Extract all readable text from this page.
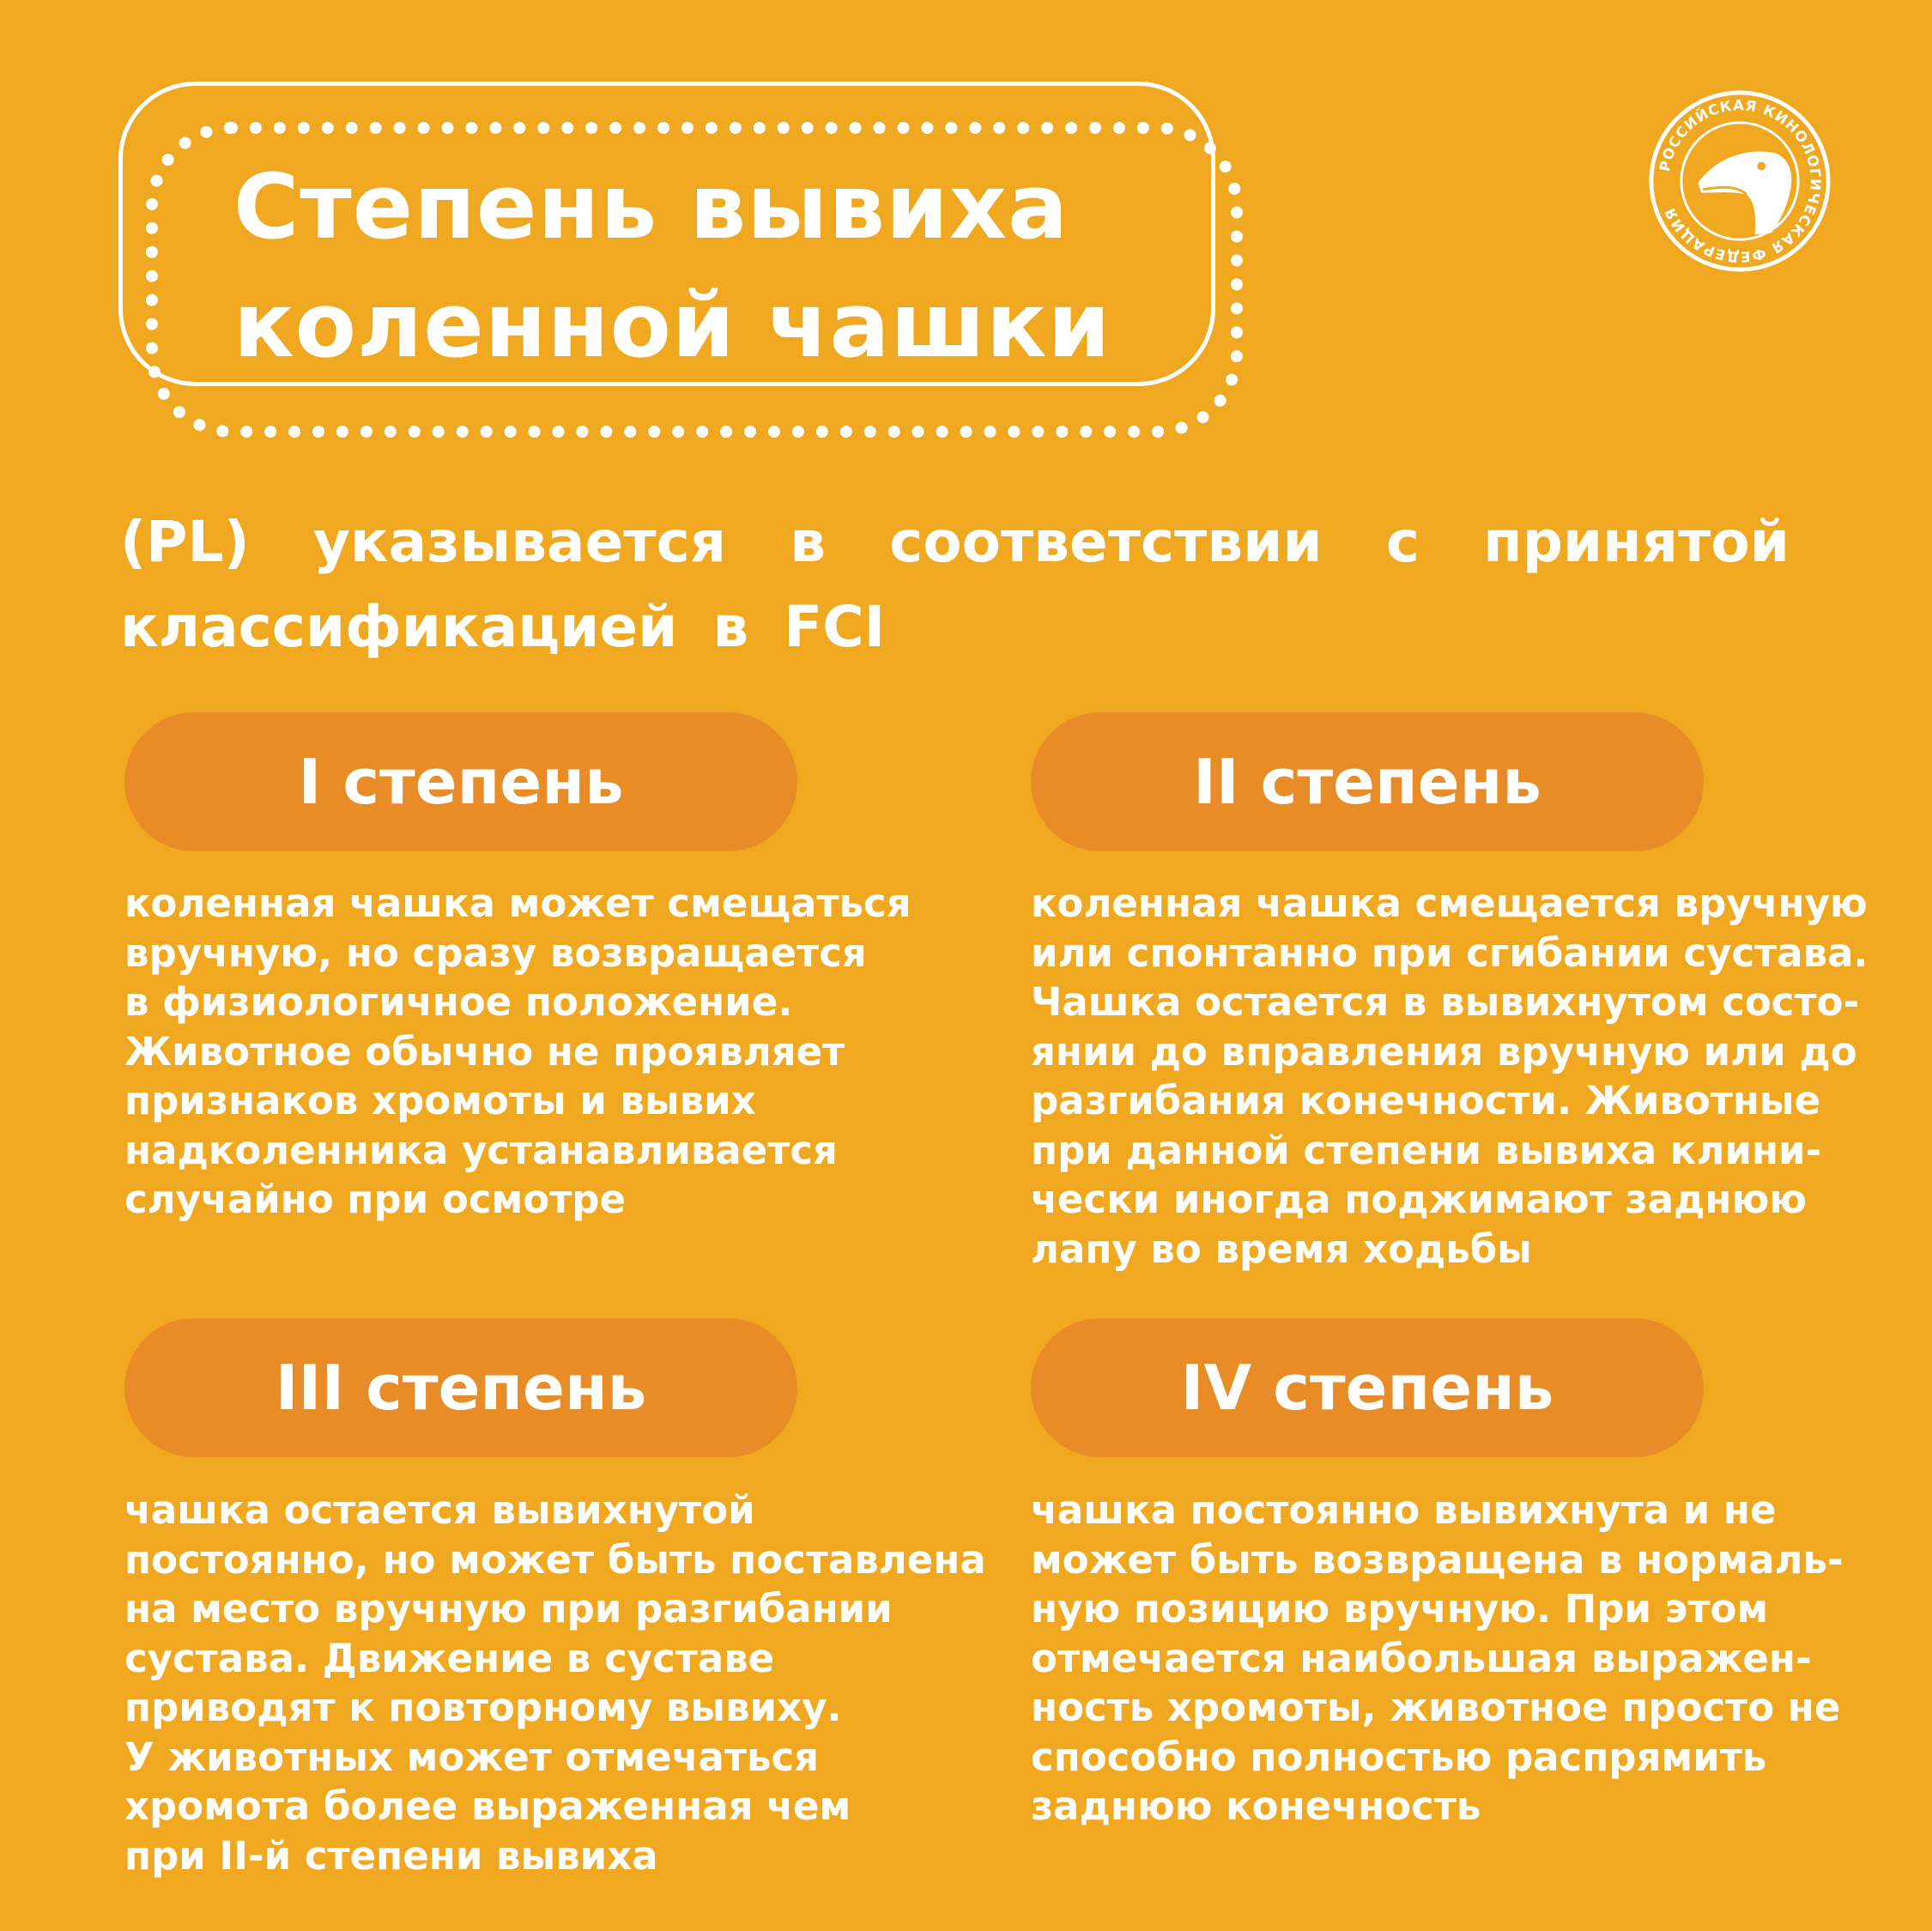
Степень вывиха
коленной чашки
РОССИЙСКАЯ КИНОЛОГИЧЕСКАЯ ФЕДЕРАЦИЯ

(PL) указывается в соответствии с принятой классификацией в FCI

I степень

коленная чашка может смещаться
вручную, но сразу возвращается
в физиологичное положение.
Животное обычно не проявляет
признаков хромоты и вывих
надколенника устанавливается
случайно при осмотре

II степень

коленная чашка смещается вручную
или спонтанно при сгибании сустава.
Чашка остается в вывихнутом состо-
янии до вправления вручную или до
разгибания конечности. Животные
при данной степени вывиха клини-
чески иногда поджимают заднюю
лапу во время ходьбы

III степень

чашка остается вывихнутой
постоянно, но может быть поставлена
на место вручную при разгибании
сустава. Движение в суставе
приводят к повторному вывиху.
У животных может отмечаться
хромота более выраженная чем
при II-й степени вывиха

IV степень

чашка постоянно вывихнута и не
может быть возвращена в нормаль-
ную позицию вручную. При этом
отмечается наибольшая выражен-
ность хромоты, животное просто не
способно полностью распрямить
заднюю конечность
